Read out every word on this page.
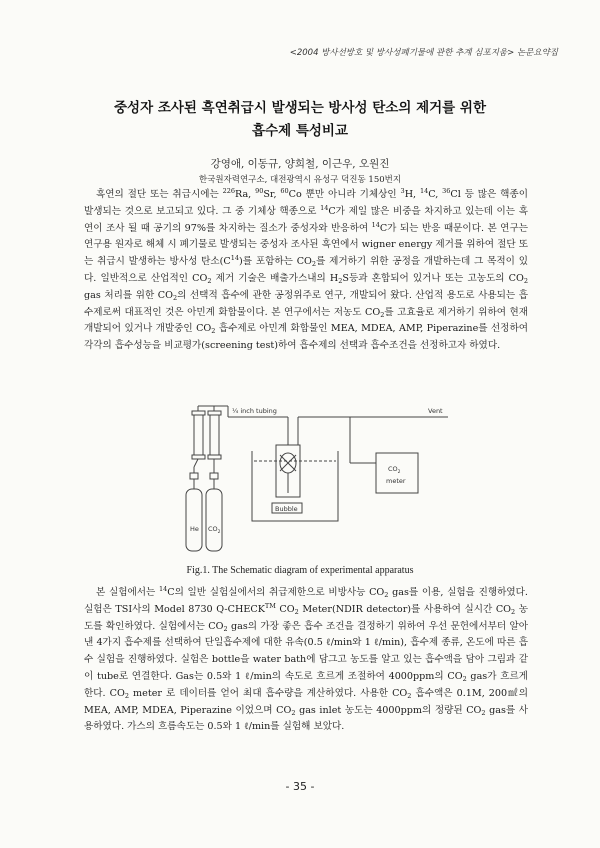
<2004 방사선방호 및 방사성폐기물에 관한 추계 심포지움> 논문요약집
중성자 조사된 흑연취급시 발생되는 방사성 탄소의 제거를 위한
흡수제 특성비교
강영애, 이동규, 양희철, 이근우, 오원진
한국원자력연구소, 대전광역시 유성구 덕진동 150번지
흑연의 절단 또는 취급시에는 $^{226}$Ra, $^{90}$Sr, $^{60}$Co 뿐만 아니라 기체상인 $^3$H, $^{14}$C, $^{36}$Cl 등 많은 핵종이 발생되는 것으로 보고되고 있다. 그 중 기체상 핵종으로 $^{14}$C가 제일 많은 비중을 차지하고 있는데 이는 흑연이 조사 될 때 공기의 97%를 차지하는 질소가 중성자와 반응하여 $^{14}$C가 되는 반응 때문이다. 본 연구는 연구용 원자로 해체 시 폐기물로 발생되는 중성자 조사된 흑연에서 wigner energy 제거를 위하여 절단 또는 취급시 발생하는 방사성 탄소$(C^{14})$를 포함하는 $CO_2$를 제거하기 위한 공정을 개발하는데 그 목적이 있다. 일반적으로 산업적인 $CO_2$ 제거 기술은 배출가스내의 $H_2S$등과 혼합되어 있거나 또는 고농도의 $CO_2$ gas 처리를 위한 $CO_2$의 선택적 흡수에 관한 공정위주로 연구, 개발되어 왔다. 산업적 용도로 사용되는 흡수제로써 대표적인 것은 아민계 화합물이다. 본 연구에서는 저농도 $CO_2$를 고효율로 제거하기 위하여 현재 개발되어 있거나 개발중인 $CO_2$ 흡수제로 아민계 화합물인 MEA, MDEA, AMP, Piperazine를 선정하여 각각의 흡수성능을 비교평가(screening test)하여 흡수제의 선택과 흡수조건을 선정하고자 하였다.
¼ inch tubing	Vent
$CO_2$
meter
Bubble
He $CO_2$
Fig.1. The Schematic diagram of experimental apparatus
본 실험에서는 $^{14}$C의 일반 실험실에서의 취급제한으로 비방사능 $CO_2$ gas를 이용, 실험을 진행하였다. 실험은 TSI사의 Model 8730 Q-CHECK™ $CO_2$ Meter(NDIR detector)를 사용하여 실시간 $CO_2$ 농도를 확인하였다. 실험에서는 $CO_2$ gas의 가장 좋은 흡수 조건을 결정하기 위하여 우선 문헌에서부터 알아낸 4가지 흡수제를 선택하여 단일흡수제에 대한 유속(0.5 ℓ/min와 1 ℓ/min), 흡수제 종류, 온도에 따른 흡수 실험을 진행하였다. 실험은 bottle을 water bath에 담그고 농도를 알고 있는 흡수액을 담아 그림과 같이 tube로 연결한다. Gas는 0.5와 1 ℓ/min의 속도로 흐르게 조절하여 4000ppm의 $CO_2$ gas가 흐르게 한다. $CO_2$ meter 로 데이터를 얻어 최대 흡수량을 계산하였다. 사용한 $CO_2$ 흡수액은 0.1M, 200㎖의 MEA, AMP, MDEA, Piperazine 이었으며 $CO_2$ gas inlet 농도는 4000ppm의 정량된 $CO_2$ gas를 사용하였다. 가스의 흐름속도는 0.5와 1 ℓ/min를 실험해 보았다.
- 35 -
